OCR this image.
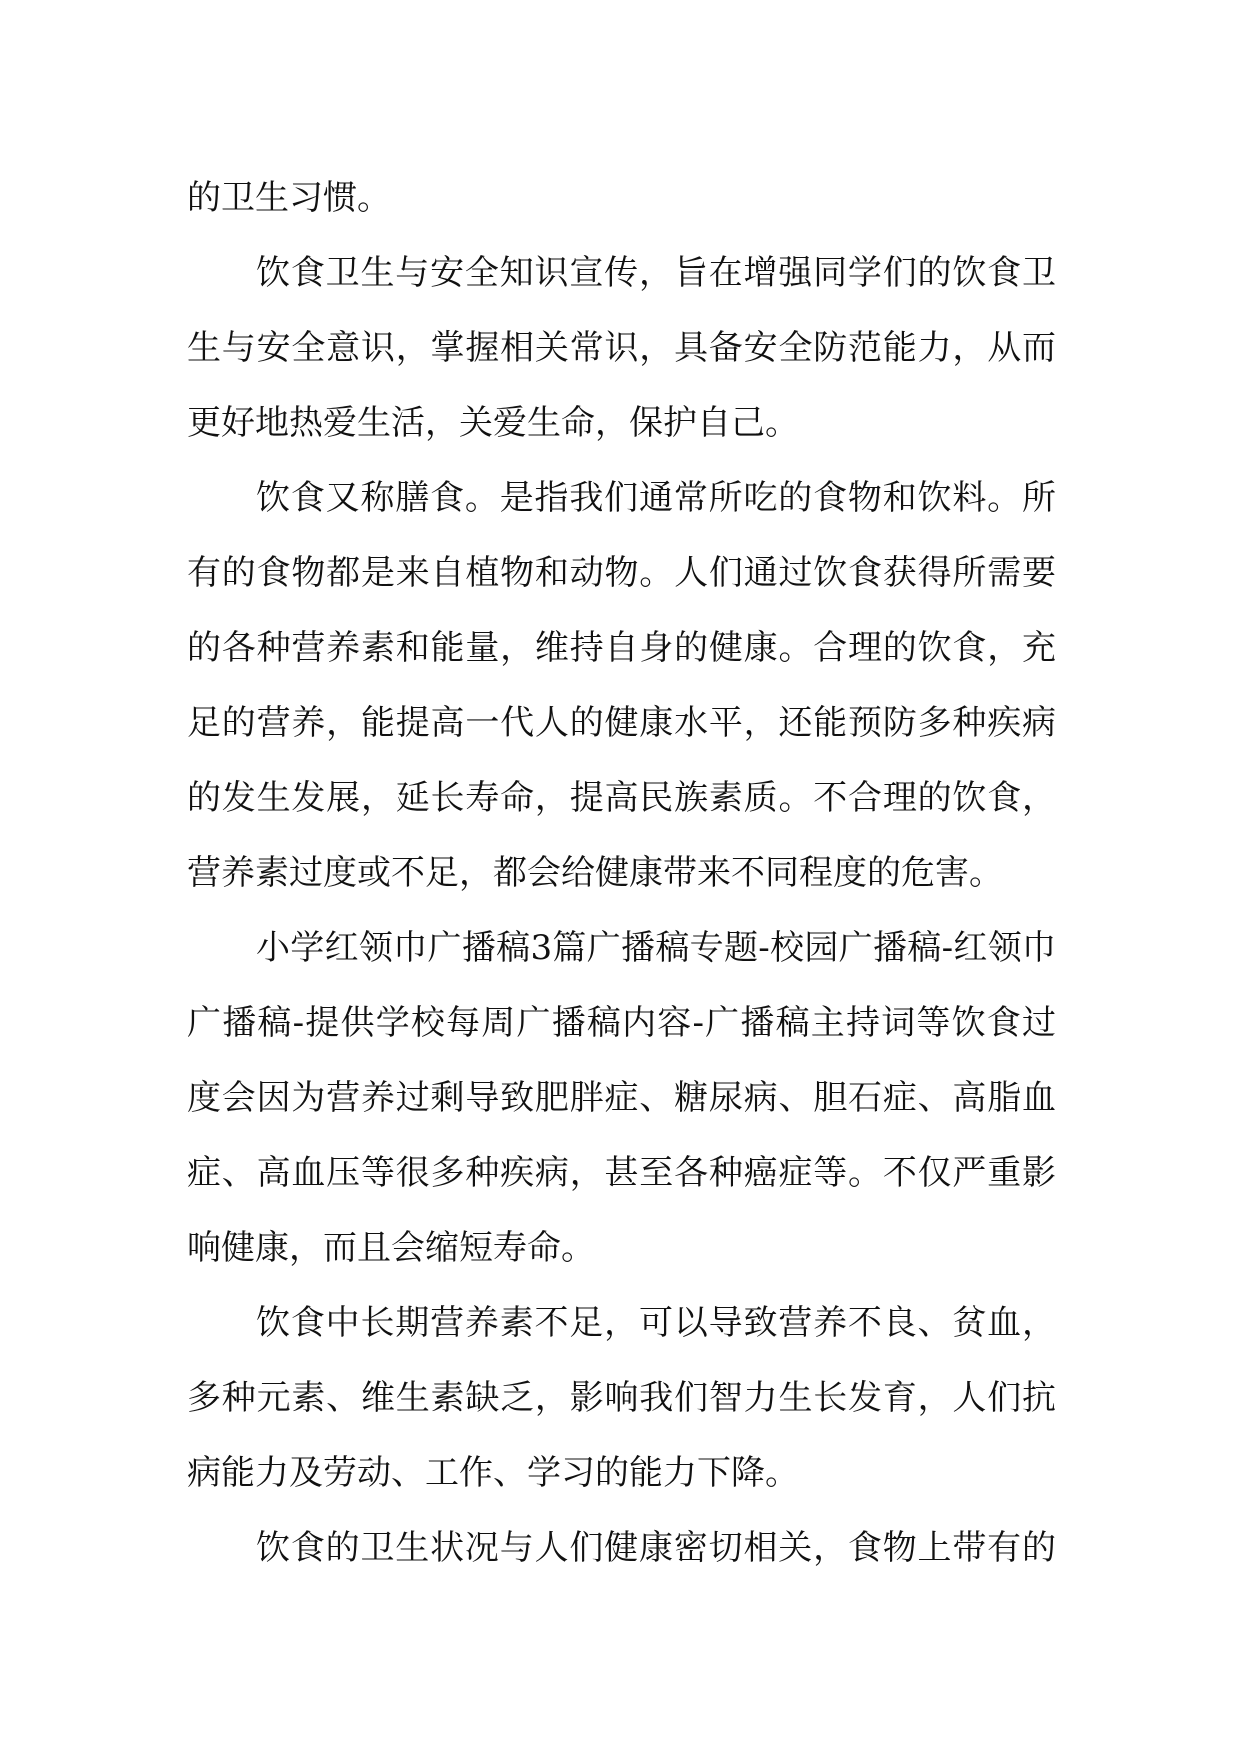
的卫生习惯。

饮食卫生与安全知识宣传，旨在增强同学们的饮食卫

生与安全意识，掌握相关常识，具备安全防范能力，从而

更好地热爱生活，关爱生命，保护自己。

饮食又称膳食。是指我们通常所吃的食物和饮料。所

有的食物都是来自植物和动物。人们通过饮食获得所需要

的各种营养素和能量，维持自身的健康。合理的饮食，充

足的营养，能提高一代人的健康水平，还能预防多种疾病

的发生发展，延长寿命，提高民族素质。不合理的饮食，

营养素过度或不足，都会给健康带来不同程度的危害。

小学红领巾广播稿3篇广播稿专题-校园广播稿-红领巾

广播稿-提供学校每周广播稿内容-广播稿主持词等饮食过

度会因为营养过剩导致肥胖症、糖尿病、胆石症、高脂血

症、高血压等很多种疾病，甚至各种癌症等。不仅严重影

响健康，而且会缩短寿命。

饮食中长期营养素不足，可以导致营养不良、贫血，

多种元素、维生素缺乏，影响我们智力生长发育，人们抗

病能力及劳动、工作、学习的能力下降。

饮食的卫生状况与人们健康密切相关，食物上带有的
